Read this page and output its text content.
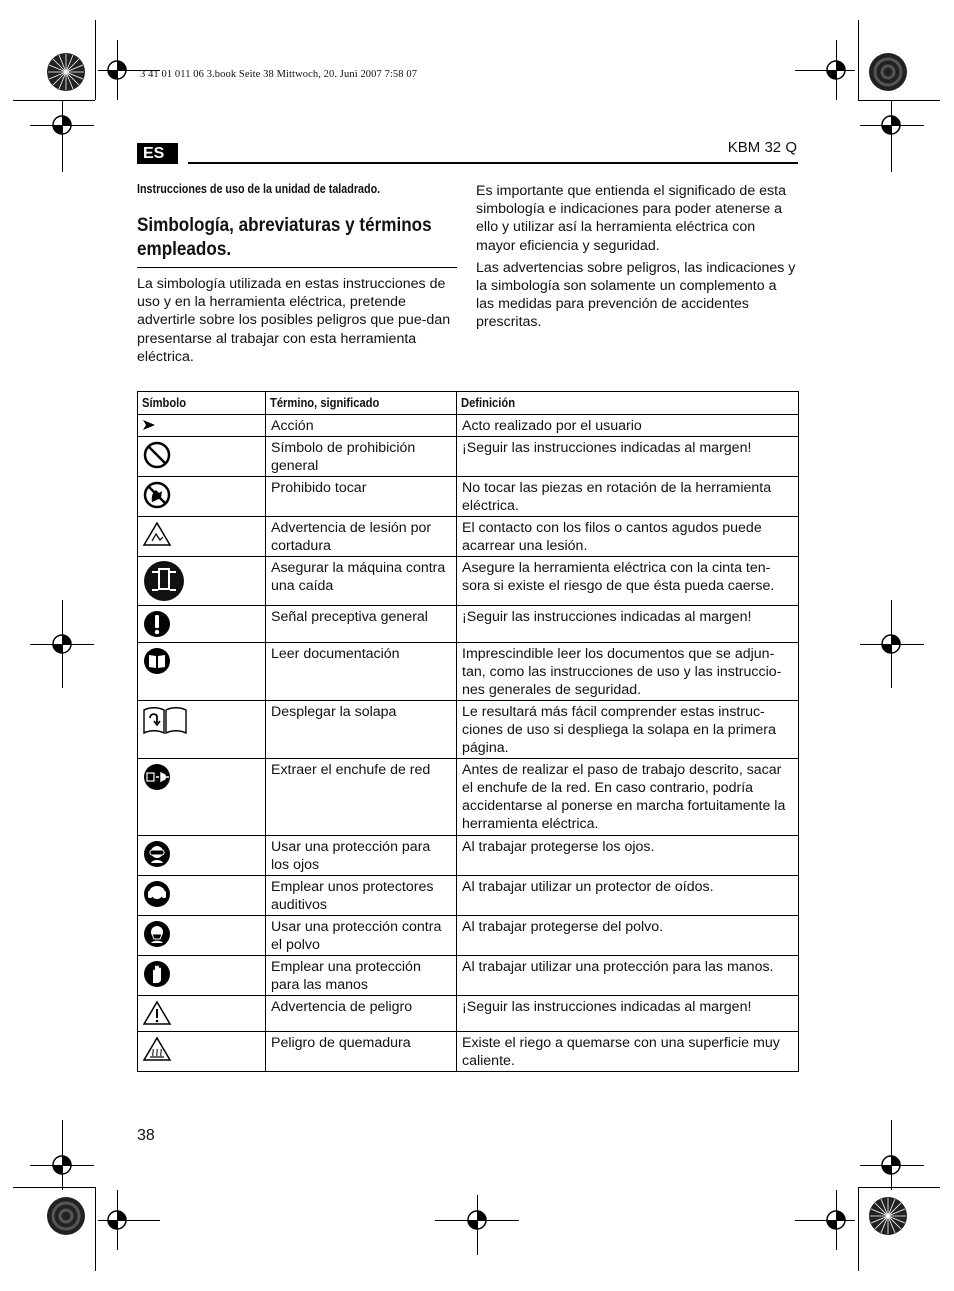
3 41 01 011 06 3.book Seite 38 Mittwoch, 20. Juni 2007 7:58 07
ES	KBM 32 Q
Instrucciones de uso de la unidad de taladrado.
Simbología, abreviaturas y términos empleados.
La simbología utilizada en estas instrucciones de uso y en la herramienta eléctrica, pretende advertirle sobre los posibles peligros que pue-dan presentarse al trabajar con esta herramienta eléctrica.

Es importante que entienda el significado de esta simbología e indicaciones para poder atenerse a ello y utilizar así la herramienta eléctrica con mayor eficiencia y seguridad.

Las advertencias sobre peligros, las indicaciones y la simbología son solamente un complemento a las medidas para prevención de accidentes prescritas.

Símbolo	Término, significado	Definición

	Acción	Acto realizado por el usuario

	Símbolo de prohibición general	¡Seguir las instrucciones indicadas al margen!

	Prohibido tocar	No tocar las piezas en rotación de la herramienta eléctrica.

	Advertencia de lesión por cortadura	El contacto con los filos o cantos agudos puede acarrear una lesión.

	Asegurar la máquina contra una caída	Asegure la herramienta eléctrica con la cinta ten-sora si existe el riesgo de que ésta pueda caerse.

	Señal preceptiva general	¡Seguir las instrucciones indicadas al margen!

	Leer documentación	Imprescindible leer los documentos que se adjun-tan, como las instrucciones de uso y las instruccio-nes generales de seguridad.

	Desplegar la solapa	Le resultará más fácil comprender estas instruc-ciones de uso si despliega la solapa en la primera página.

	Extraer el enchufe de red	Antes de realizar el paso de trabajo descrito, sacar el enchufe de la red. En caso contrario, podría accidentarse al ponerse en marcha fortuitamente la herramienta eléctrica.

	Usar una protección para los ojos	Al trabajar protegerse los ojos.

	Emplear unos protectores auditivos	Al trabajar utilizar un protector de oídos.

	Usar una protección contra el polvo	Al trabajar protegerse del polvo.

	Emplear una protección para las manos	Al trabajar utilizar una protección para las manos.

	Advertencia de peligro	¡Seguir las instrucciones indicadas al margen!

	Peligro de quemadura	Existe el riego a quemarse con una superficie muy caliente.
38
